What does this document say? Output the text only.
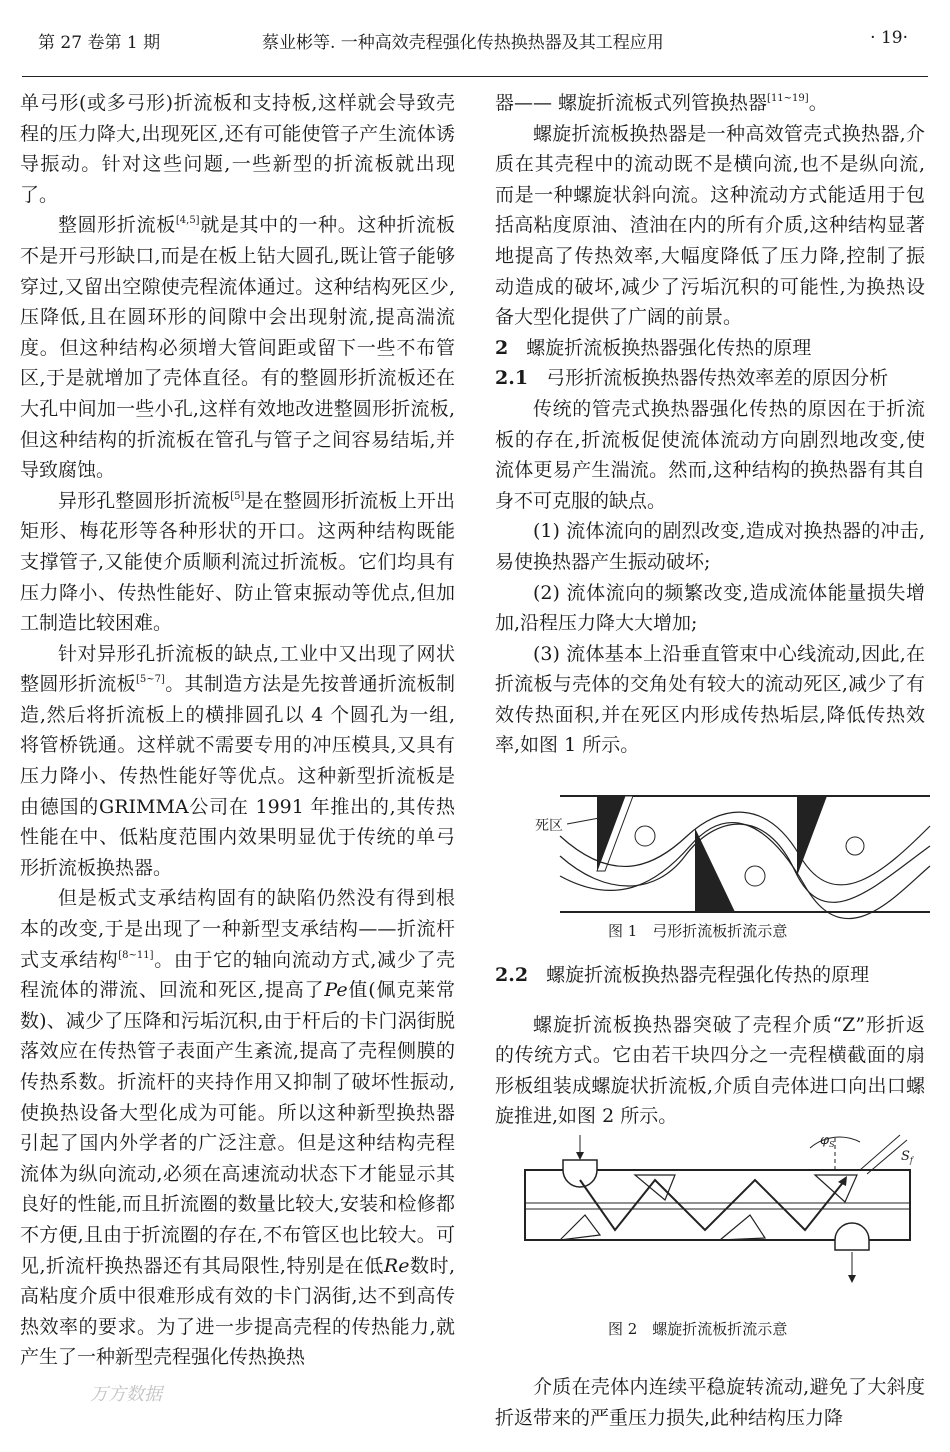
第 27 卷第 1 期	蔡业彬等. 一种高效壳程强化传热换热器及其工程应用	· 19·

单弓形(或多弓形)折流板和支持板,这样就会导致壳程的压力降大,出现死区,还有可能使管子产生流体诱导振动。针对这些问题,一些新型的折流板就出现了。

整圆形折流板[4,5]就是其中的一种。这种折流板不是开弓形缺口,而是在板上钻大圆孔,既让管子能够穿过,又留出空隙使壳程流体通过。这种结构死区少,压降低,且在圆环形的间隙中会出现射流,提高湍流度。但这种结构必须增大管间距或留下一些不布管区,于是就增加了壳体直径。有的整圆形折流板还在大孔中间加一些小孔,这样有效地改进整圆形折流板,但这种结构的折流板在管孔与管子之间容易结垢,并导致腐蚀。

异形孔整圆形折流板[5]是在整圆形折流板上开出矩形、梅花形等各种形状的开口。这两种结构既能支撑管子,又能使介质顺利流过折流板。它们均具有压力降小、传热性能好、防止管束振动等优点,但加工制造比较困难。

针对异形孔折流板的缺点,工业中又出现了网状整圆形折流板[5~7]。其制造方法是先按普通折流板制造,然后将折流板上的横排圆孔以 4 个圆孔为一组,将管桥铣通。这样就不需要专用的冲压模具,又具有压力降小、传热性能好等优点。这种新型折流板是由德国的GRIMMA公司在 1991 年推出的,其传热性能在中、低粘度范围内效果明显优于传统的单弓形折流板换热器。

但是板式支承结构固有的缺陷仍然没有得到根本的改变,于是出现了一种新型支承结构——折流杆式支承结构[8~11]。由于它的轴向流动方式,减少了壳程流体的滞流、回流和死区,提高了Pe值(佩克莱常数)、减少了压降和污垢沉积,由于杆后的卡门涡街脱落效应在传热管子表面产生紊流,提高了壳程侧膜的传热系数。折流杆的夹持作用又抑制了破坏性振动,使换热设备大型化成为可能。所以这种新型换热器引起了国内外学者的广泛注意。但是这种结构壳程流体为纵向流动,必须在高速流动状态下才能显示其良好的性能,而且折流圈的数量比较大,安装和检修都不方便,且由于折流圈的存在,不布管区也比较大。可见,折流杆换热器还有其局限性,特别是在低Re数时,高粘度介质中很难形成有效的卡门涡街,达不到高传热效率的要求。为了进一步提高壳程的传热能力,就产生了一种新型壳程强化传热换热

器—— 螺旋折流板式列管换热器[11~19]。

螺旋折流板换热器是一种高效管壳式换热器,介质在其壳程中的流动既不是横向流,也不是纵向流,而是一种螺旋状斜向流。这种流动方式能适用于包括高粘度原油、渣油在内的所有介质,这种结构显著地提高了传热效率,大幅度降低了压力降,控制了振动造成的破坏,减少了污垢沉积的可能性,为换热设备大型化提供了广阔的前景。

2 螺旋折流板换热器强化传热的原理
2.1 弓形折流板换热器传热效率差的原因分析

传统的管壳式换热器强化传热的原因在于折流板的存在,折流板促使流体流动方向剧烈地改变,使流体更易产生湍流。然而,这种结构的换热器有其自身不可克服的缺点。

(1) 流体流向的剧烈改变,造成对换热器的冲击,易使换热器产生振动破坏;

(2) 流体流向的频繁改变,造成流体能量损失增加,沿程压力降大大增加;

(3) 流体基本上沿垂直管束中心线流动,因此,在折流板与壳体的交角处有较大的流动死区,减少了有效传热面积,并在死区内形成传热垢层,降低传热效率,如图 1 所示。

死区
图 1　弓形折流板折流示意
2.2 螺旋折流板换热器壳程强化传热的原理

螺旋折流板换热器突破了壳程介质“Z”形折返的传统方式。它由若干块四分之一壳程横截面的扇形板组装成螺旋状折流板,介质自壳体进口向出口螺旋推进,如图 2 所示。

$\varphi_S$
$S_f$
图 2　螺旋折流板折流示意

介质在壳体内连续平稳旋转流动,避免了大斜度折返带来的严重压力损失,此种结构压力降

万方数据
